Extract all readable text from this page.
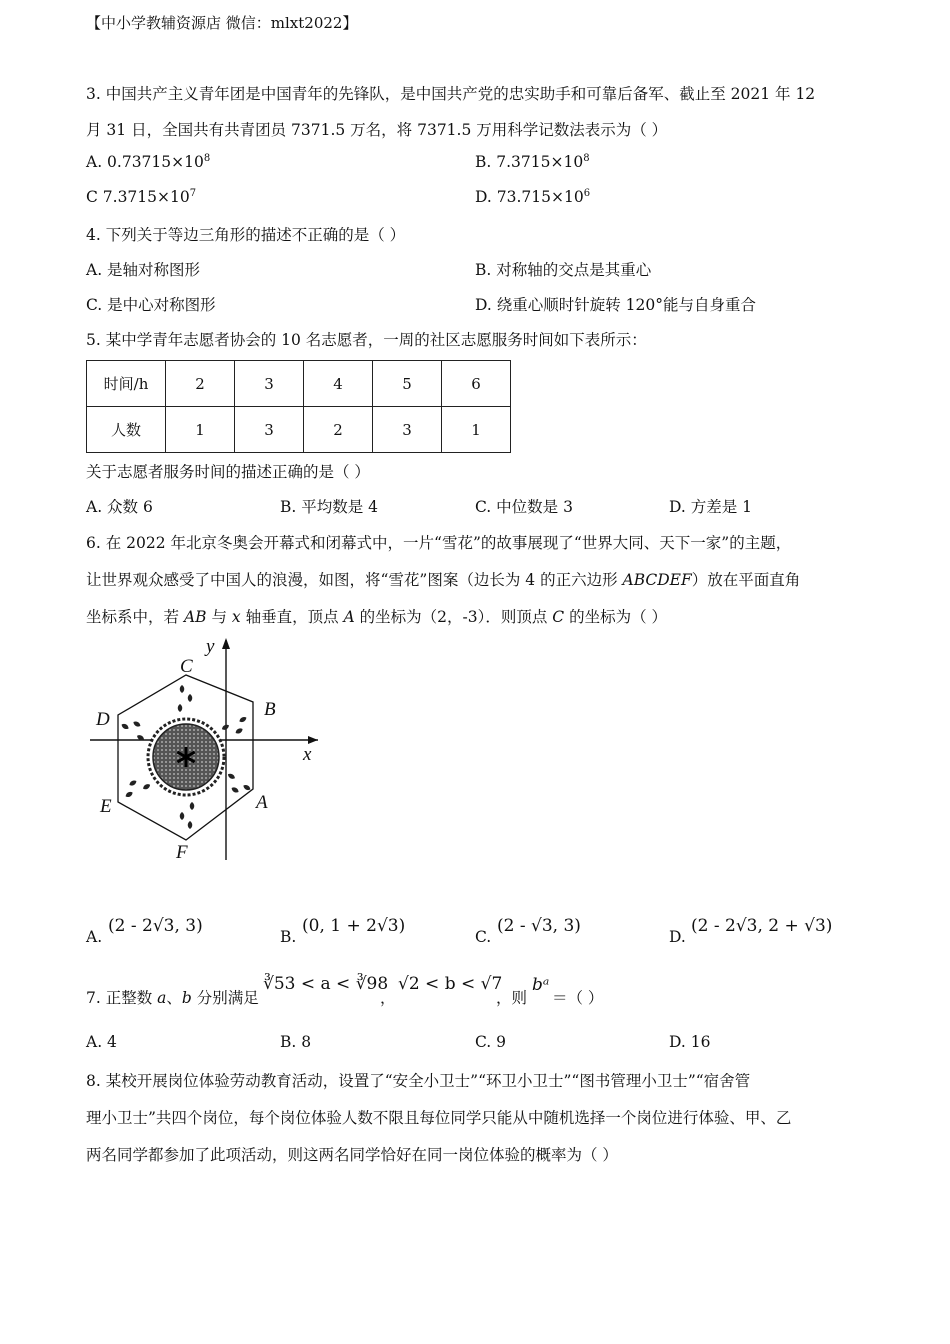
【中小学教辅资源店 微信：mlxt2022】
3. 中国共产主义青年团是中国青年的先锋队，是中国共产党的忠实助手和可靠后备军、截止至 2021 年 12
月 31 日，全国共有共青团员 7371.5 万名，将 7371.5 万用科学记数法表示为（ ）
A. $0.73715\times 10^8$	B. $7.3715\times 10^8$
C $7.3715\times 10^7$	D. $73.715\times 10^6$
4. 下列关于等边三角形的描述不正确的是（ ）
A. 是轴对称图形	B. 对称轴的交点是其重心
C. 是中心对称图形	D. 绕重心顺时针旋转 120°能与自身重合
5. 某中学青年志愿者协会的 10 名志愿者，一周的社区志愿服务时间如下表所示：
时间/h	2	3	4	5	6
人数	1	3	2	3	1
关于志愿者服务时间的描述正确的是（ ）
A. 众数 6	B. 平均数是 4	C. 中位数是 3	D. 方差是 1
6. 在 2022 年北京冬奥会开幕式和闭幕式中，一片“雪花”的故事展现了“世界大同、天下一家”的主题，
让世界观众感受了中国人的浪漫，如图，将“雪花”图案（边长为 4 的正六边形 ABCDEF）放在平面直角
坐标系中，若 AB 与 x 轴垂直，顶点 A 的坐标为（2，-3）．则顶点 C 的坐标为（ ）
y
x
A
B
C
D
E
F
A.
(2 - 2√3, 3)
B.
(0, 1 + 2√3)
C.
(2 - √3, 3)
D.
(2 - 2√3, 2 + √3)
7. 正整数 a、b 分别满足
∛53 < a < ∛98
，
√2 < b < √7
，则
bᵃ
＝（ ）
A. 4	B. 8	C. 9	D. 16
8. 某校开展岗位体验劳动教育活动，设置了“安全小卫士”“环卫小卫士”“图书管理小卫士”“宿舍管
理小卫士”共四个岗位，每个岗位体验人数不限且每位同学只能从中随机选择一个岗位进行体验、甲、乙
两名同学都参加了此项活动，则这两名同学恰好在同一岗位体验的概率为（ ）
